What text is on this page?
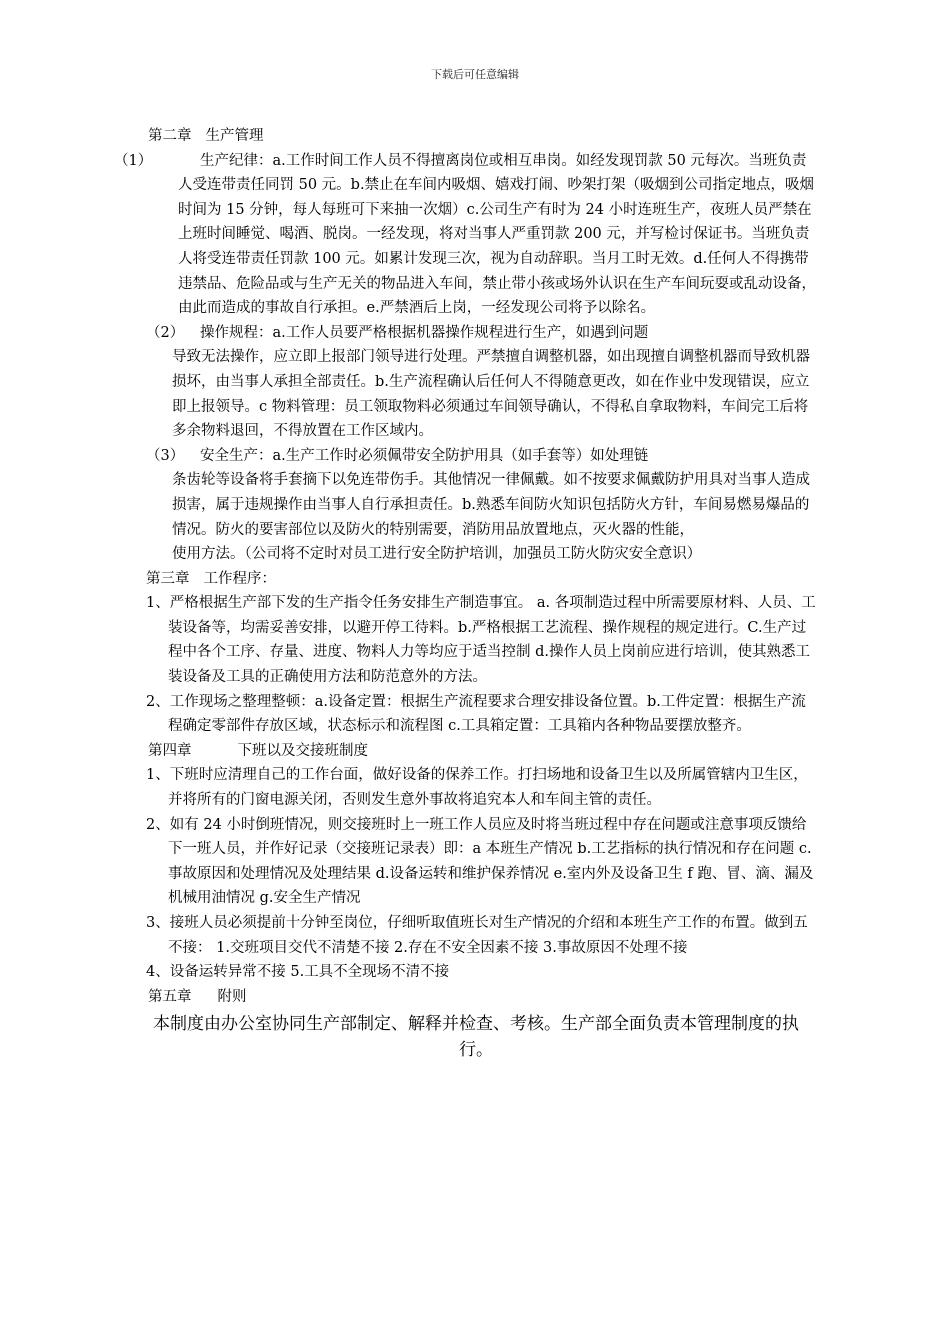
下载后可任意编辑
第二章 生产管理
（1）	生产纪律：a.工作时间工作人员不得擅离岗位或相互串岗。如经发现罚款 50 元每次。当班负责人受连带责任同罚 50 元。b.禁止在车间内吸烟、嬉戏打闹、吵架打架（吸烟到公司指定地点，吸烟时间为 15 分钟，每人每班可下来抽一次烟）c.公司生产有时为 24 小时连班生产，夜班人员严禁在上班时间睡觉、喝酒、脱岗。一经发现，将对当事人严重罚款 200 元，并写检讨保证书。当班负责人将受连带责任罚款 100 元。如累计发现三次，视为自动辞职。当月工时无效。d.任何人不得携带违禁品、危险品或与生产无关的物品进入车间，禁止带小孩或场外认识在生产车间玩耍或乱动设备，由此而造成的事故自行承担。e.严禁酒后上岗，一经发现公司将予以除名。
（2） 操作规程：a.工作人员要严格根据机器操作规程进行生产，如遇到问题
导致无法操作，应立即上报部门领导进行处理。严禁擅自调整机器，如出现擅自调整机器而导致机器损坏，由当事人承担全部责任。b.生产流程确认后任何人不得随意更改，如在作业中发现错误，应立即上报领导。c 物料管理：员工领取物料必须通过车间领导确认，不得私自拿取物料，车间完工后将多余物料退回，不得放置在工作区域内。
（3） 安全生产：a.生产工作时必须佩带安全防护用具（如手套等）如处理链
条齿轮等设备将手套摘下以免连带伤手。其他情况一律佩戴。如不按要求佩戴防护用具对当事人造成损害，属于违规操作由当事人自行承担责任。b.熟悉车间防火知识包括防火方针，车间易燃易爆品的情况。防火的要害部位以及防火的特别需要，消防用品放置地点，灭火器的性能，
使用方法。（公司将不定时对员工进行安全防护培训，加强员工防火防灾安全意识）
第三章 工作程序：
1、严格根据生产部下发的生产指令任务安排生产制造事宜。 a. 各项制造过程中所需要原材料、人员、工装设备等，均需妥善安排，以避开停工待料。b.严格根据工艺流程、操作规程的规定进行。C.生产过程中各个工序、存量、进度、物料人力等均应于适当控制 d.操作人员上岗前应进行培训，使其熟悉工装设备及工具的正确使用方法和防范意外的方法。
2、工作现场之整理整顿：a.设备定置：根据生产流程要求合理安排设备位置。b.工件定置：根据生产流程确定零部件存放区域，状态标示和流程图 c.工具箱定置：工具箱内各种物品要摆放整齐。
第四章	下班以及交接班制度
1、下班时应清理自己的工作台面，做好设备的保养工作。打扫场地和设备卫生以及所属管辖内卫生区，并将所有的门窗电源关闭，否则发生意外事故将追究本人和车间主管的责任。
2、如有 24 小时倒班情况，则交接班时上一班工作人员应及时将当班过程中存在问题或注意事项反馈给下一班人员，并作好记录（交接班记录表）即：a 本班生产情况 b.工艺指标的执行情况和存在问题 c.事故原因和处理情况及处理结果 d.设备运转和维护保养情况 e.室内外及设备卫生 f 跑、冒、滴、漏及机械用油情况 g.安全生产情况
3、接班人员必须提前十分钟至岗位，仔细听取值班长对生产情况的介绍和本班生产工作的布置。做到五不接： 1.交班项目交代不清楚不接 2.存在不安全因素不接 3.事故原因不处理不接
4、设备运转异常不接 5.工具不全现场不清不接
第五章 附则
本制度由办公室协同生产部制定、解释并检查、考核。生产部全面负责本管理制度的执行。
